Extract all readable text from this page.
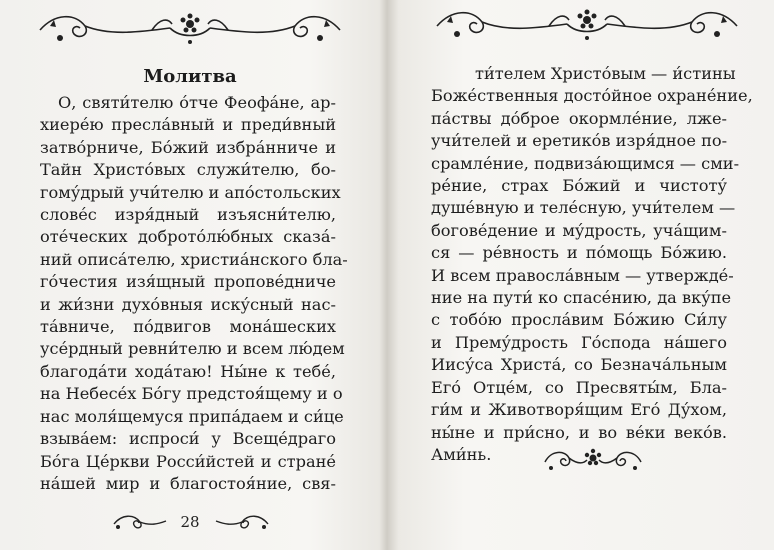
Молитва
О, святи́телю о́тче Феофа́не, ар-
хиере́ю пресла́вный и преди́вный
затво́рниче, Бо́жий избра́нниче и
Тайн Христо́вых служи́телю, бо-
гому́дрый учи́телю и апо́стольских
слове́с изря́дный изъясни́телю,
оте́ческих доброто́лю́бных сказа́-
ний описа́телю, христиа́нского бла-
го́честия изя́щный пропове́дниче
и жи́зни духо́вныя иску́сный нас-
та́вниче, по́двигов мона́шеских
усе́рдный ревни́телю и всем лю́дем
благода́ти хода́таю! Ны́не к тебе́,
на Небесе́х Бо́гу предстоя́щему и о
нас моля́щемуся припа́даем и си́це
взыва́ем: испроси́ у Всеще́драго
Бо́га Це́ркви Росси́йстей и стране́
на́шей мир и благостоя́ние, свя-
28
ти́телем Христо́вым — и́стины
Боже́ственныя досто́йное охране́ние,
па́ствы до́брое окормле́ние, лже-
учи́телей и еретико́в изря́дное по-
срамле́ние, подвиза́ющимся — сми-
ре́ние, страх Бо́жий и чистоту́
душе́вную и теле́сную, учи́телем —
богове́дение и му́дрость, уча́щим-
ся — ре́вность и по́мощь Бо́жию.
И всем правосла́вным — утвержде́-
ние на пути́ ко спасе́нию, да вку́пе
с тобо́ю просла́вим Бо́жию Си́лу
и Прему́дрость Го́спода на́шего
Иису́са Христа́, со Безнача́льным
Его́ Отце́м, со Пресвяты́м, Бла-
ги́м и Животворя́щим Его́ Ду́хом,
ны́не и при́сно, и во ве́ки веко́в.
Ами́нь.
